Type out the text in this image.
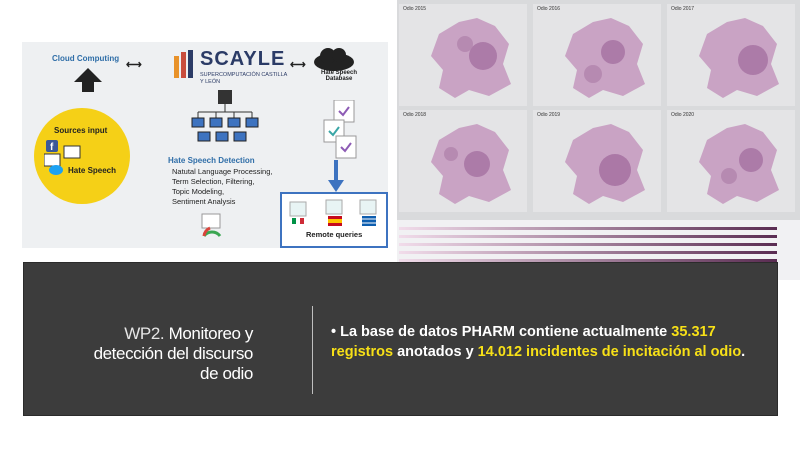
Cloud Computing
⟷	SCAYLE
SUPERCOMPUTACIÓN CASTILLA Y LEÓN
⟷
Hate Speech Database
Sources input
f
Hate Speech
Hate Speech Detection
Natutal Language Processing,
Term Selection, Filtering,
Topic Modeling,
Sentiment Analysis
Remote queries
Odio 2015	Odio 2016	Odio 2017
Odio 2018	Odio 2019	Odio 2020
WP2. Monitoreo y
detección del discurso
de odio
• La base de datos PHARM contiene actualmente 35.317 registros anotados y 14.012 incidentes de incitación al odio.
